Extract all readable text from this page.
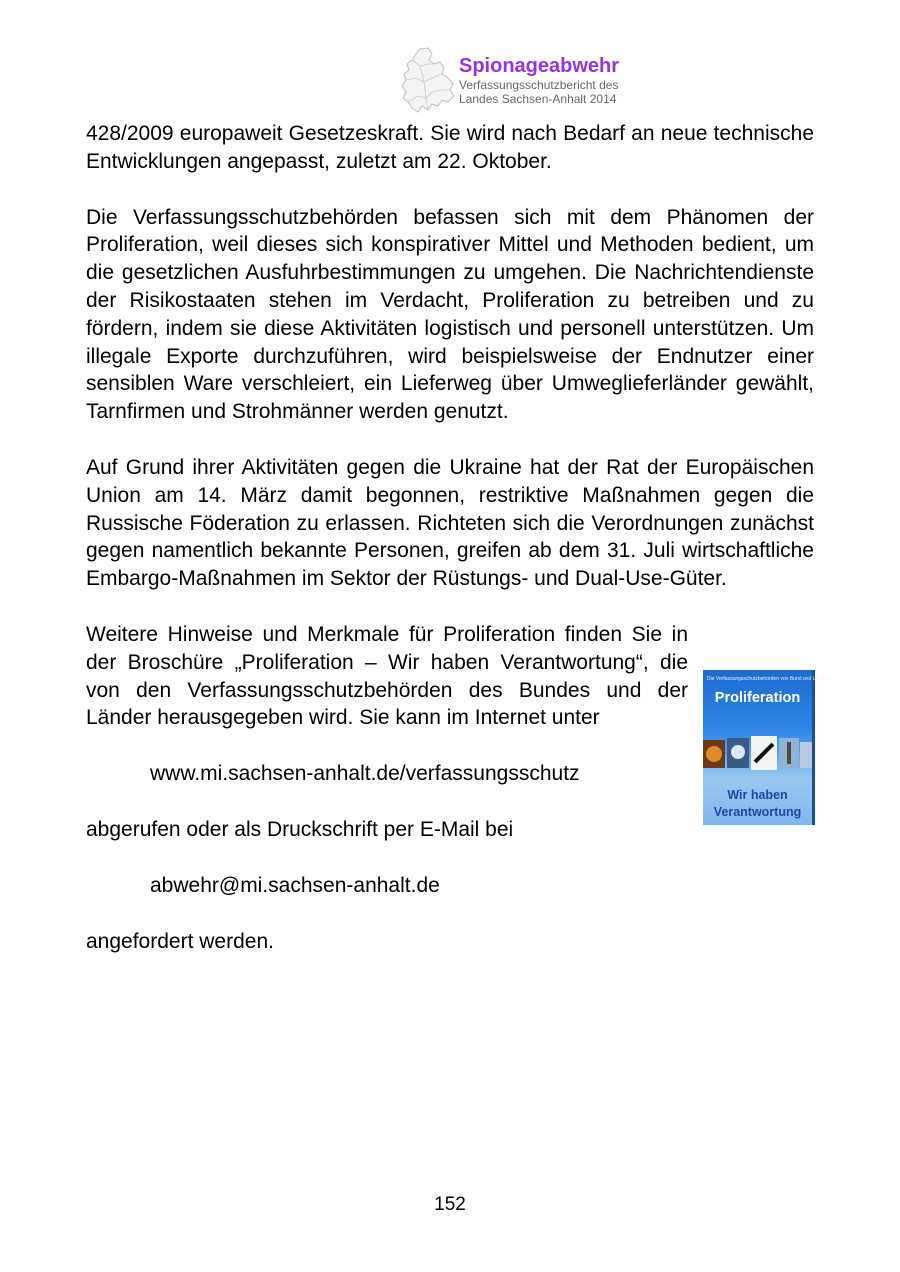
Spionageabwehr
Verfassungsschutzbericht des
Landes Sachsen-Anhalt 2014

428/2009 europaweit Gesetzeskraft. Sie wird nach Bedarf an neue technische Entwicklungen angepasst, zuletzt am 22. Oktober.

Die Verfassungsschutzbehörden befassen sich mit dem Phänomen der Proliferation, weil dieses sich konspirativer Mittel und Methoden bedient, um die gesetzlichen Ausfuhrbestimmungen zu umgehen. Die Nachrichtendienste der Risikostaaten stehen im Verdacht, Proliferation zu betreiben und zu fördern, indem sie diese Aktivitäten logistisch und personell unterstützen. Um illegale Exporte durchzuführen, wird beispielsweise der Endnutzer einer sensiblen Ware verschleiert, ein Lieferweg über Umweglieferländer gewählt, Tarnfirmen und Strohmänner werden genutzt.

Auf Grund ihrer Aktivitäten gegen die Ukraine hat der Rat der Europäischen Union am 14. März damit begonnen, restriktive Maßnahmen gegen die Russische Föderation zu erlassen. Richteten sich die Verordnungen zunächst gegen namentlich bekannte Personen, greifen ab dem 31. Juli wirtschaftliche Embargo-Maßnahmen im Sektor der Rüstungs- und Dual-Use-Güter.

Weitere Hinweise und Merkmale für Proliferation finden Sie in der Broschüre „Proliferation – Wir haben Verantwortung“, die von den Verfassungsschutzbehörden des Bundes und der Länder herausgegeben wird. Sie kann im Internet unter

www.mi.sachsen-anhalt.de/verfassungsschutz

abgerufen oder als Druckschrift per E-Mail bei

abwehr@mi.sachsen-anhalt.de

angefordert werden.

Die Verfassungsschutzbehörden von Bund und Ländern
Proliferation
Wir haben
Verantwortung
152
